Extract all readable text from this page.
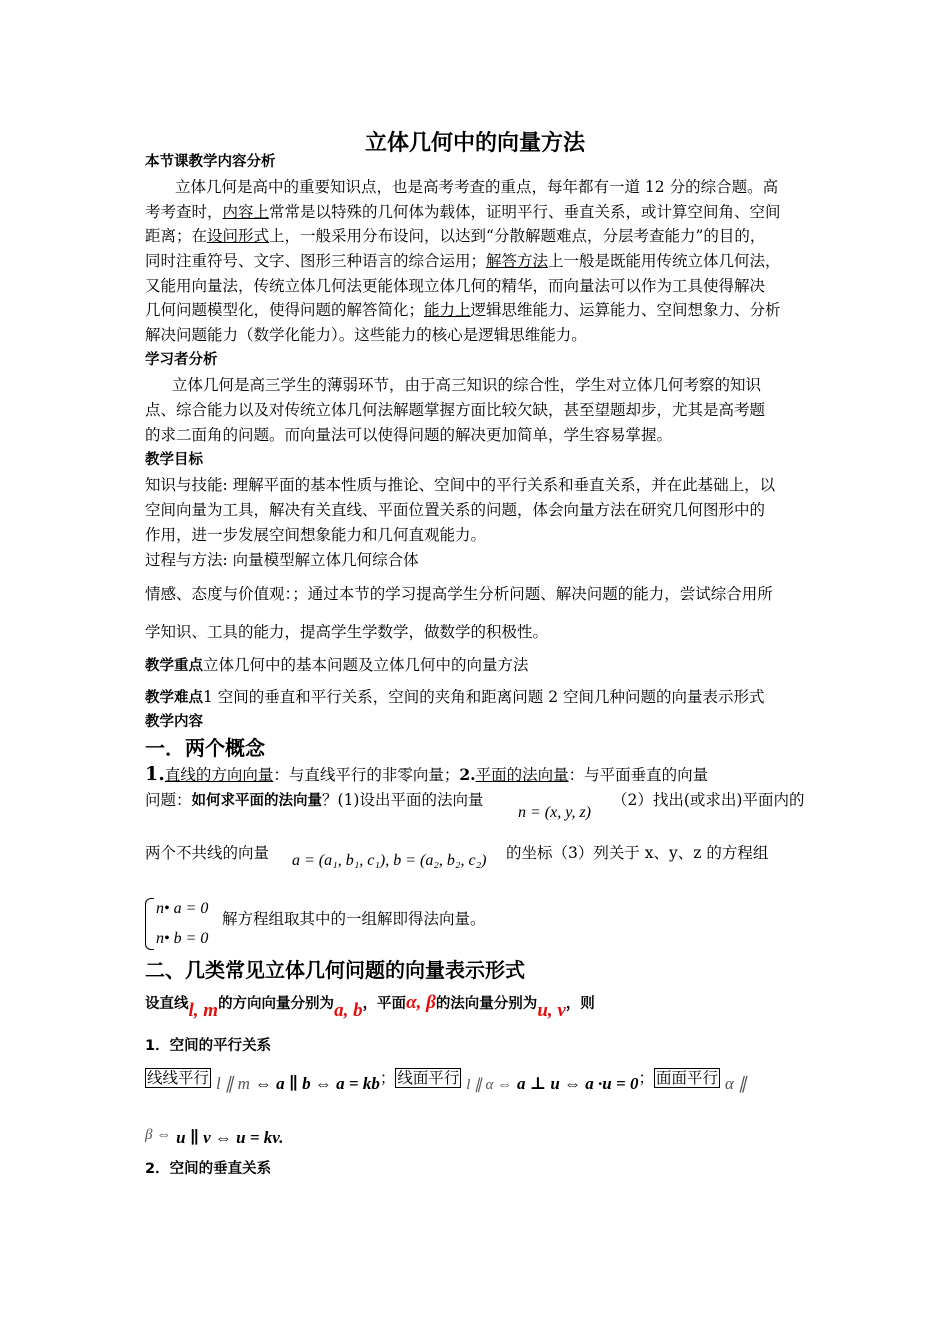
立体几何中的向量方法
本节课教学内容分析
立体几何是高中的重要知识点，也是高考考查的重点，每年都有一道 12 分的综合题。高
考考查时，内容上常常是以特殊的几何体为载体，证明平行、垂直关系，或计算空间角、空间
距离；在设问形式上，一般采用分布设问，以达到“分散解题难点，分层考查能力”的目的，
同时注重符号、文字、图形三种语言的综合运用；解答方法上一般是既能用传统立体几何法，
又能用向量法，传统立体几何法更能体现立体几何的精华，而向量法可以作为工具使得解决
几何问题模型化，使得问题的解答简化；能力上逻辑思维能力、运算能力、空间想象力、分析
解决问题能力（数学化能力）。这些能力的核心是逻辑思维能力。
学习者分析
立体几何是高三学生的薄弱环节，由于高三知识的综合性，学生对立体几何考察的知识
点、综合能力以及对传统立体几何法解题掌握方面比较欠缺，甚至望题却步，尤其是高考题
的求二面角的问题。而向量法可以使得问题的解决更加简单，学生容易掌握。
教学目标
知识与技能: 理解平面的基本性质与推论、空间中的平行关系和垂直关系，并在此基础上，以
空间向量为工具，解决有关直线、平面位置关系的问题，体会向量方法在研究几何图形中的
作用，进一步发展空间想象能力和几何直观能力。
过程与方法: 向量模型解立体几何综合体
情感、态度与价值观：；通过本节的学习提高学生分析问题、解决问题的能力，尝试综合用所
学知识、工具的能力，提高学生学数学，做数学的积极性。
教学重点立体几何中的基本问题及立体几何中的向量方法
教学难点1 空间的垂直和平行关系，空间的夹角和距离问题 2 空间几种问题的向量表示形式
教学内容
一．两个概念
1.直线的方向向量：与直线平行的非零向量；2.平面的法向量：与平面垂直的向量
问题：如何求平面的法向量？(1)设出平面的法向量
n = (x, y, z)
（2）找出(或求出)平面内的
两个不共线的向量 a = (a₁, b₁, c₁), b = (a₂, b₂, c₂) 的坐标（3）列关于 x、y、z 的方程组
n• a = 0
n• b = 0
解方程组取其中的一组解即得法向量。
二、几类常见立体几何问题的向量表示形式
设直线l, m的方向向量分别为a, b，平面α, β的法向量分别为u, v，则
1．空间的平行关系
线线平行 l ∥ m ⇔ a ∥ b ⇔ a = kb； 线面平行 l ∥ α ⇔ a ⊥ u ⇔ a ·u = 0； 面面平行 α ∥
β ⇔ u ∥ v ⇔ u = kv.
2．空间的垂直关系
